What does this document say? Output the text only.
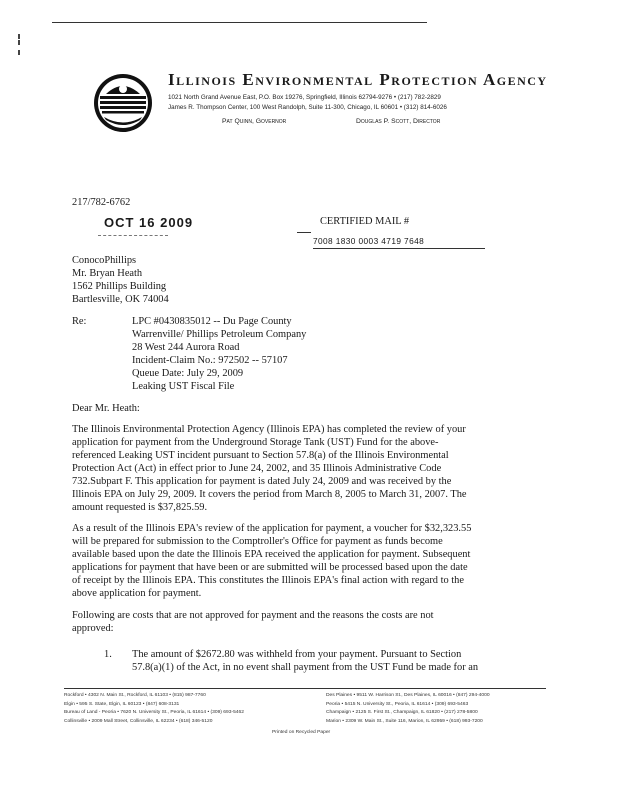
Illinois Environmental Protection Agency
1021 North Grand Avenue East, P.O. Box 19276, Springfield, Illinois 62794-9276 • (217) 782-2829
James R. Thompson Center, 100 West Randolph, Suite 11-300, Chicago, IL 60601 • (312) 814-6026
Pat Quinn, Governor	Douglas P. Scott, Director
217/782-6762
OCT 16 2009	CERTIFIED MAIL #
7008 1830 0003 4719 7648
ConocoPhillips
Mr. Bryan Heath
1562 Phillips Building
Bartlesville, OK 74004
Re:	LPC #0430835012 -- Du Page County
Warrenville/ Phillips Petroleum Company
28 West 244 Aurora Road
Incident-Claim No.: 972502 -- 57107
Queue Date: July 29, 2009
Leaking UST Fiscal File
Dear Mr. Heath:
The Illinois Environmental Protection Agency (Illinois EPA) has completed the review of your
application for payment from the Underground Storage Tank (UST) Fund for the above-
referenced Leaking UST incident pursuant to Section 57.8(a) of the Illinois Environmental
Protection Act (Act) in effect prior to June 24, 2002, and 35 Illinois Administrative Code
732.Subpart F. This application for payment is dated July 24, 2009 and was received by the
Illinois EPA on July 29, 2009. It covers the period from March 8, 2005 to March 31, 2007. The
amount requested is $37,825.59.
As a result of the Illinois EPA's review of the application for payment, a voucher for $32,323.55
will be prepared for submission to the Comptroller's Office for payment as funds become
available based upon the date the Illinois EPA received the application for payment. Subsequent
applications for payment that have been or are submitted will be processed based upon the date
of receipt by the Illinois EPA. This constitutes the Illinois EPA's final action with regard to the
above application for payment.
Following are costs that are not approved for payment and the reasons the costs are not
approved:
1. The amount of $2672.80 was withheld from your payment. Pursuant to Section
57.8(a)(1) of the Act, in no event shall payment from the UST Fund be made for an
Rockford • 4302 N. Main St., Rockford, IL 61103 • (815) 987-7760
Elgin • 595 S. State, Elgin, IL 60123 • (847) 608-3131
Bureau of Land - Peoria • 7620 N. University St., Peoria, IL 61614 • (309) 693-5462
Collinsville • 2009 Mall Street, Collinsville, IL 62234 • (618) 346-5120
Des Plaines • 9511 W. Harrison St., Des Plaines, IL 60016 • (847) 294-4000
Peoria • 5415 N. University St., Peoria, IL 61614 • (309) 693-5463
Champaign • 2125 S. First St., Champaign, IL 61820 • (217) 278-5800
Marion • 2309 W. Main St., Suite 116, Marion, IL 62959 • (618) 993-7200
Printed on Recycled Paper
